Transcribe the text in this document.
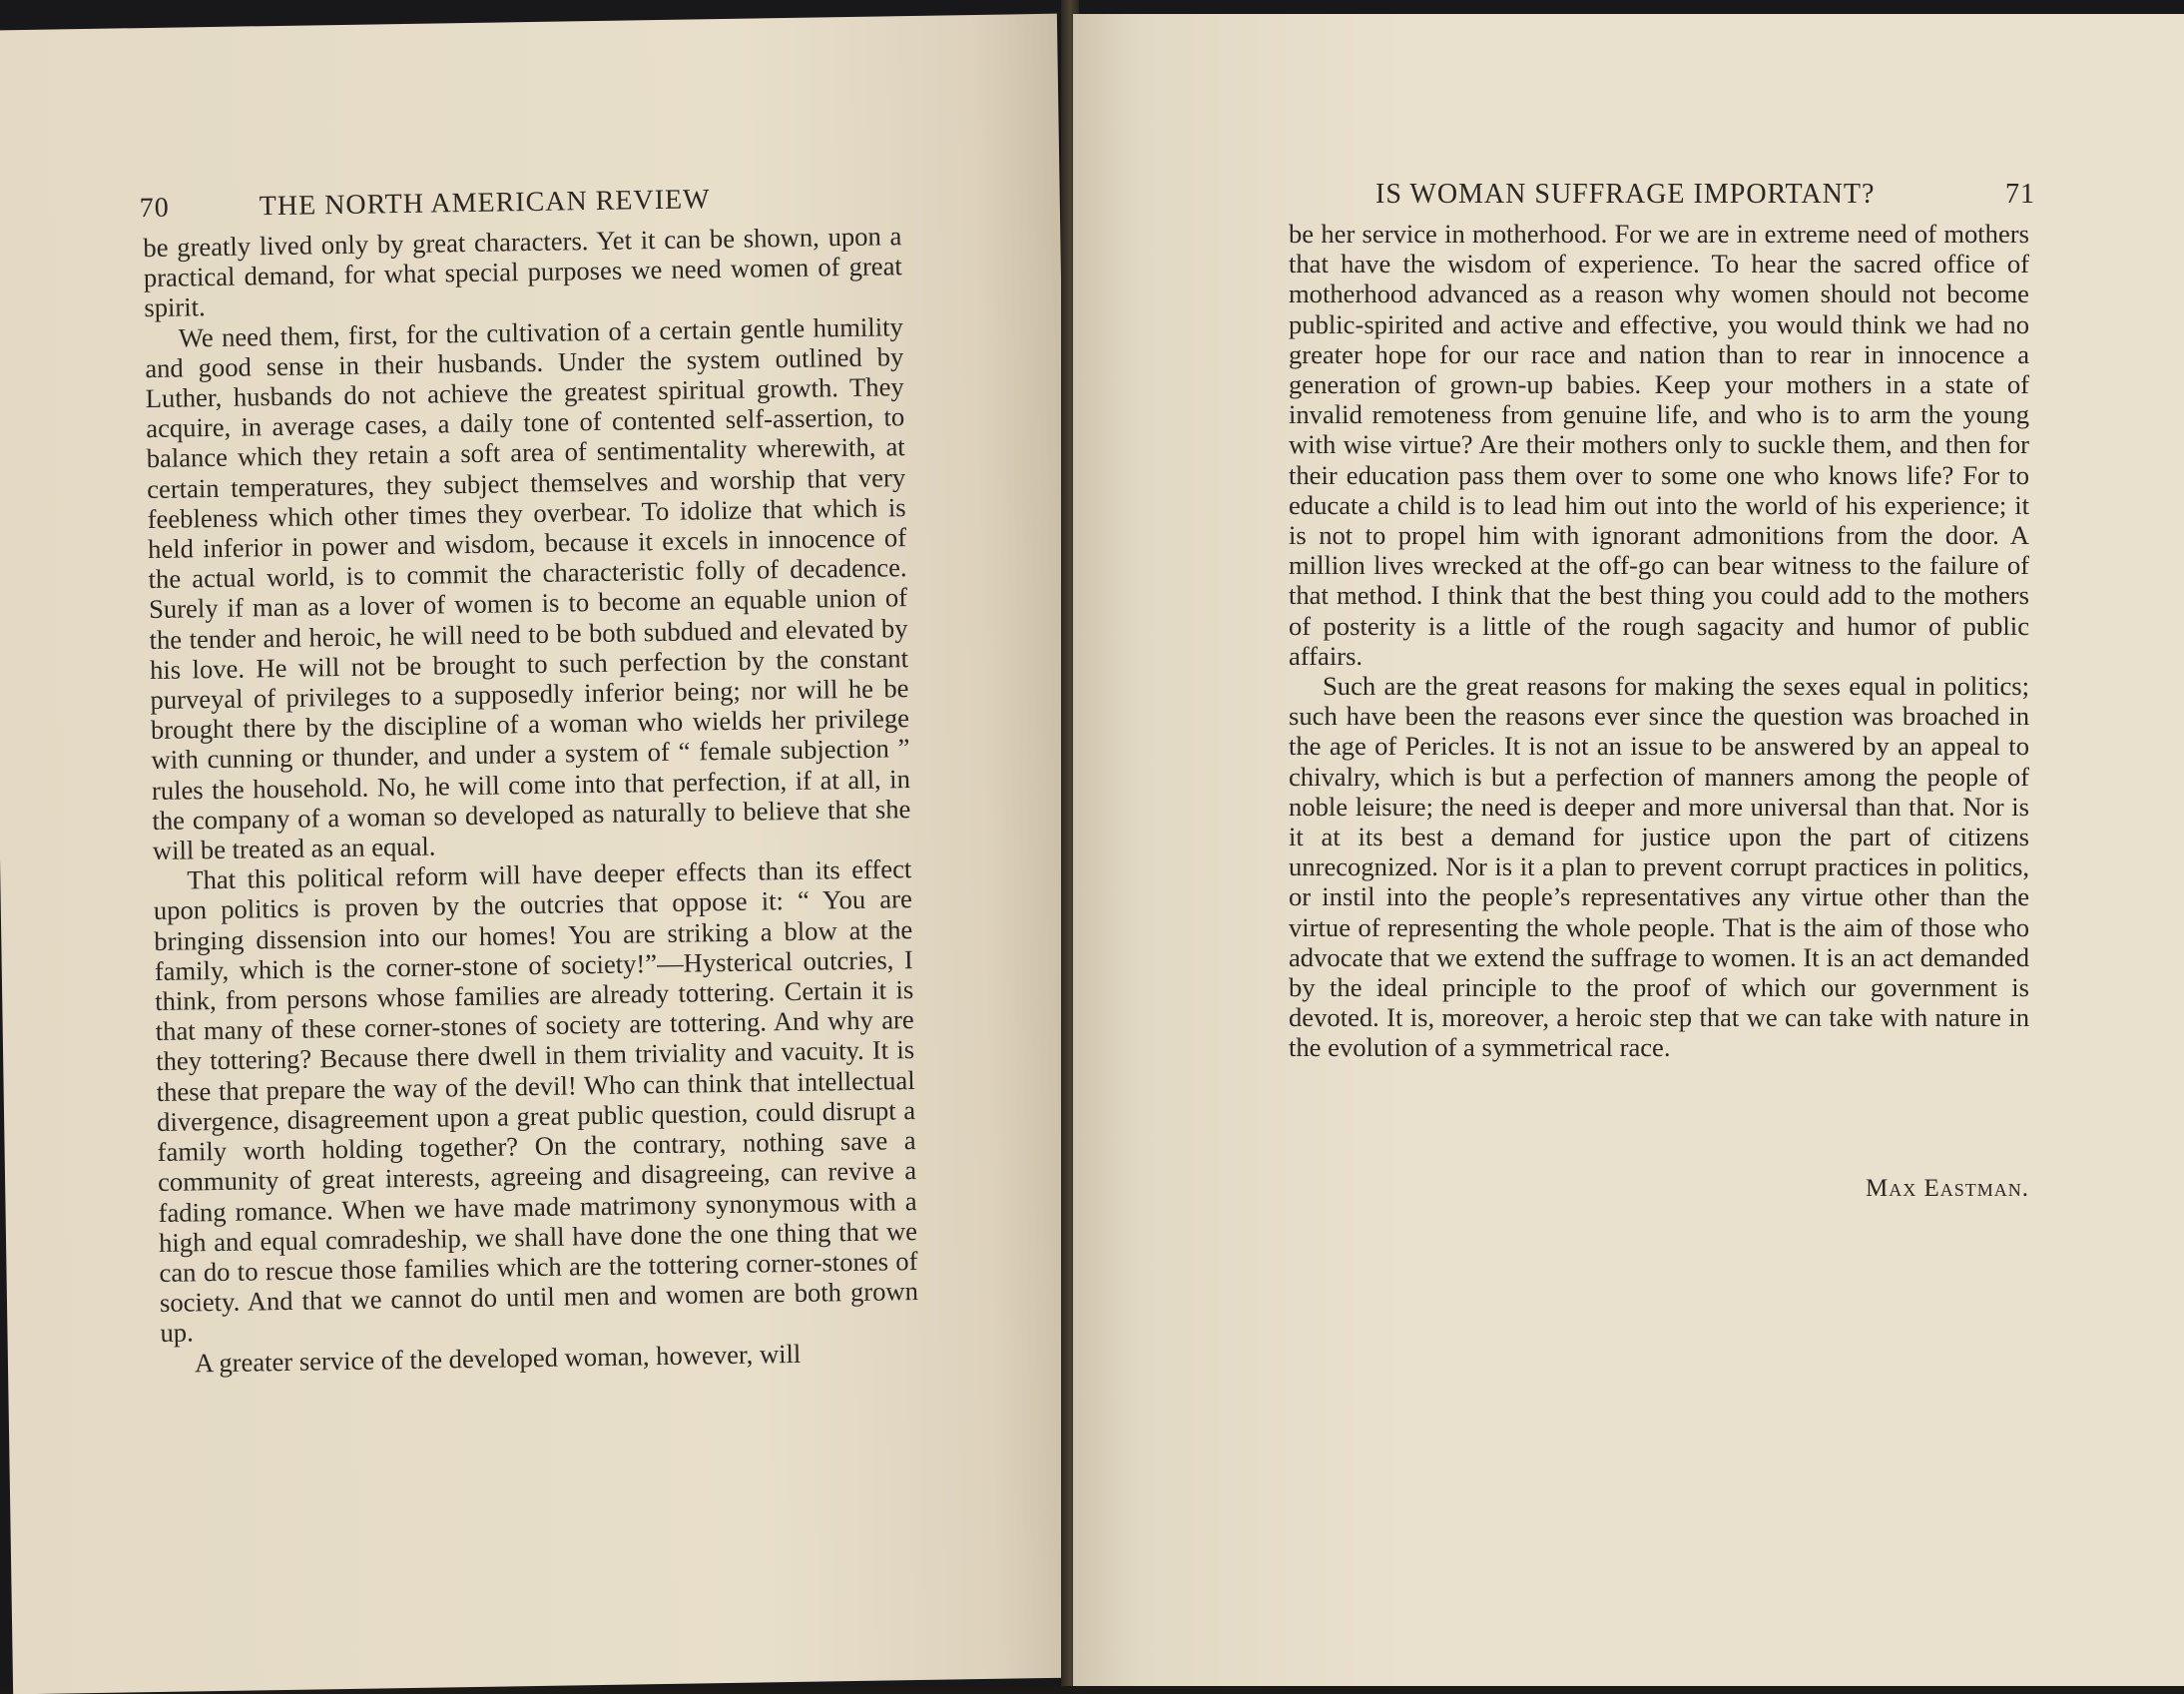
70	THE NORTH AMERICAN REVIEW

be greatly lived only by great characters. Yet it can be shown, upon a practical demand, for what special purposes we need women of great spirit.

We need them, first, for the cultivation of a certain gentle humility and good sense in their husbands. Under the system outlined by Luther, husbands do not achieve the greatest spiritual growth. They acquire, in average cases, a daily tone of contented self-assertion, to balance which they retain a soft area of sentimentality wherewith, at certain temperatures, they subject themselves and worship that very feebleness which other times they overbear. To idolize that which is held inferior in power and wisdom, because it excels in innocence of the actual world, is to commit the characteristic folly of decadence. Surely if man as a lover of women is to become an equable union of the tender and heroic, he will need to be both subdued and elevated by his love. He will not be brought to such perfection by the constant purveyal of privileges to a supposedly inferior being; nor will he be brought there by the discipline of a woman who wields her privilege with cunning or thunder, and under a system of “ female subjection ” rules the household. No, he will come into that perfection, if at all, in the company of a woman so developed as naturally to believe that she will be treated as an equal.

That this political reform will have deeper effects than its effect upon politics is proven by the outcries that oppose it: “ You are bringing dissension into our homes! You are striking a blow at the family, which is the corner-stone of society!”—Hysterical outcries, I think, from persons whose families are already tottering. Certain it is that many of these corner-stones of society are tottering. And why are they tottering? Because there dwell in them triviality and vacuity. It is these that prepare the way of the devil! Who can think that intellectual divergence, disagreement upon a great public question, could disrupt a family worth holding together? On the contrary, nothing save a community of great interests, agreeing and disagreeing, can revive a fading romance. When we have made matrimony synonymous with a high and equal comradeship, we shall have done the one thing that we can do to rescue those families which are the tottering corner-stones of society. And that we cannot do until men and women are both grown up.

A greater service of the developed woman, however, will

IS WOMAN SUFFRAGE IMPORTANT?	71

be her service in motherhood. For we are in extreme need of mothers that have the wisdom of experience. To hear the sacred office of motherhood advanced as a reason why women should not become public-spirited and active and effective, you would think we had no greater hope for our race and nation than to rear in innocence a generation of grown-up babies. Keep your mothers in a state of invalid remoteness from genuine life, and who is to arm the young with wise virtue? Are their mothers only to suckle them, and then for their education pass them over to some one who knows life? For to educate a child is to lead him out into the world of his experience; it is not to propel him with ignorant admonitions from the door. A million lives wrecked at the off-go can bear witness to the failure of that method. I think that the best thing you could add to the mothers of posterity is a little of the rough sagacity and humor of public affairs.

Such are the great reasons for making the sexes equal in politics; such have been the reasons ever since the question was broached in the age of Pericles. It is not an issue to be answered by an appeal to chivalry, which is but a perfection of manners among the people of noble leisure; the need is deeper and more universal than that. Nor is it at its best a demand for justice upon the part of citizens unrecognized. Nor is it a plan to prevent corrupt practices in politics, or instil into the people’s representatives any virtue other than the virtue of representing the whole people. That is the aim of those who advocate that we extend the suffrage to women. It is an act demanded by the ideal principle to the proof of which our government is devoted. It is, moreover, a heroic step that we can take with nature in the evolution of a symmetrical race.

Max Eastman.
